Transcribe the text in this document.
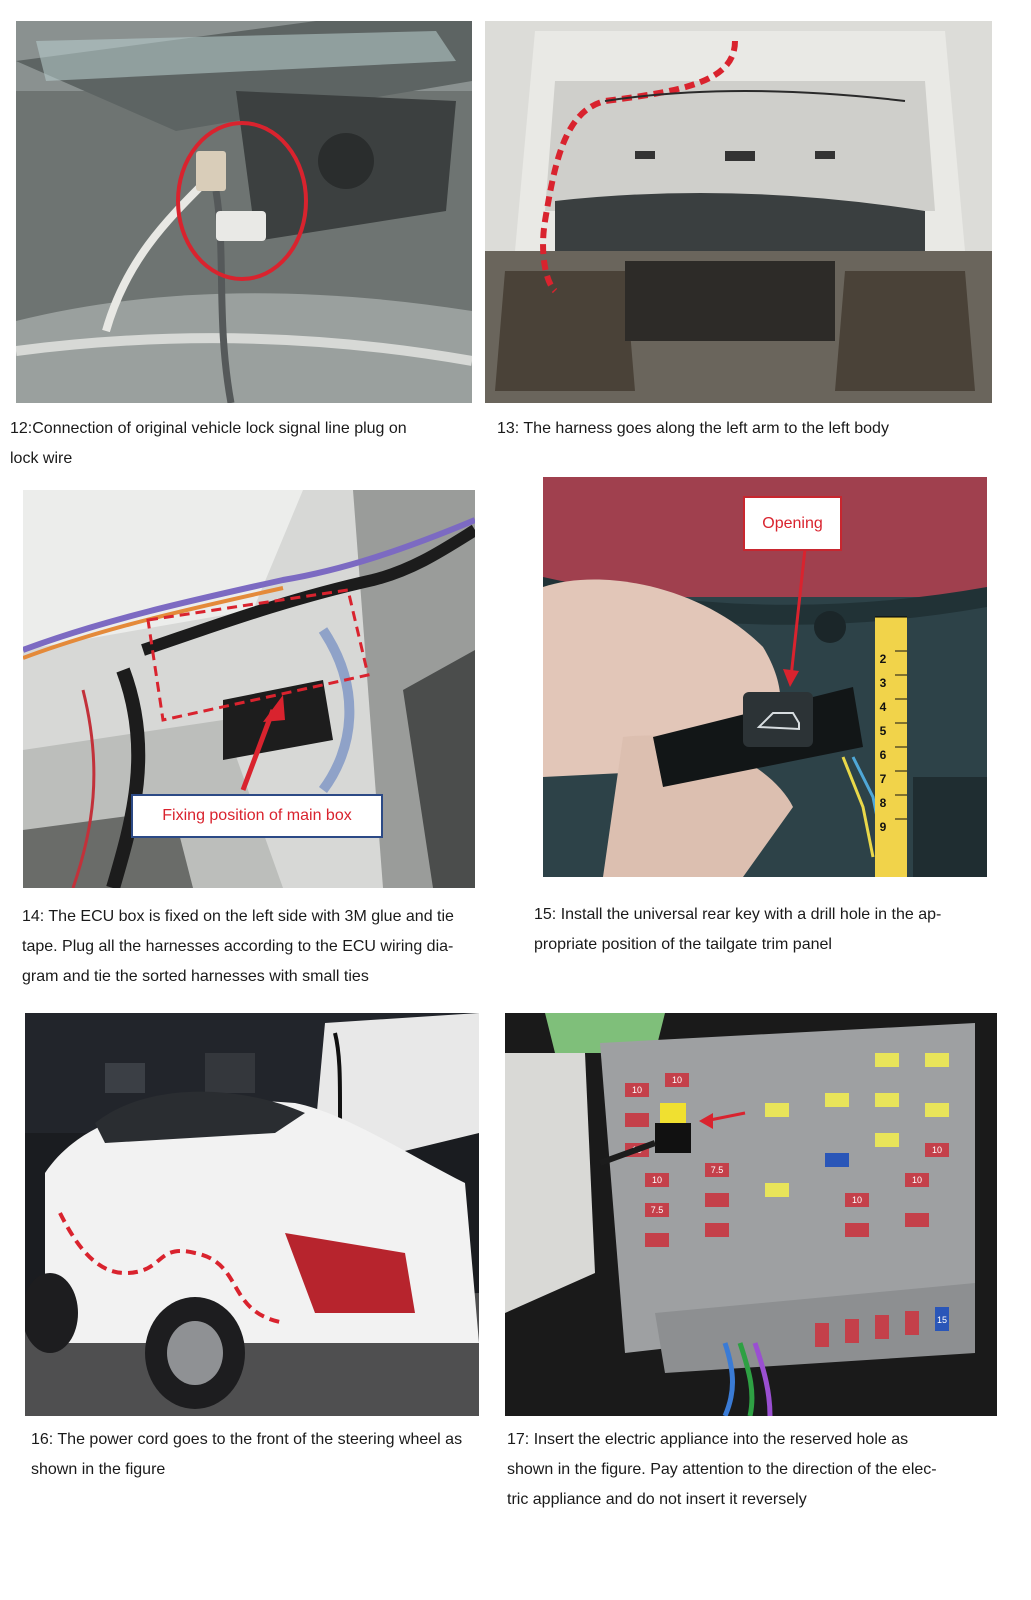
12:Connection of original vehicle lock signal line plug on
lock wire
13: The harness goes along the left arm to the left body
Fixing position of main box
2
3
4
5
6
7
8
9
Opening
14: The ECU box is fixed on the left side with 3M glue and tie
tape. Plug all the harnesses according to the ECU wiring dia-
gram and tie the sorted harnesses with small ties
15: Install the universal rear key with a drill hole in the ap-
propriate position of the tailgate trim panel
10
10
10
7.5
7.5
10
10
10
15
16: The power cord goes to the front of the steering wheel as
shown in the figure
17: Insert the electric appliance into the reserved hole as
shown in the figure. Pay attention to the direction of the elec-
tric appliance and do not insert it reversely
